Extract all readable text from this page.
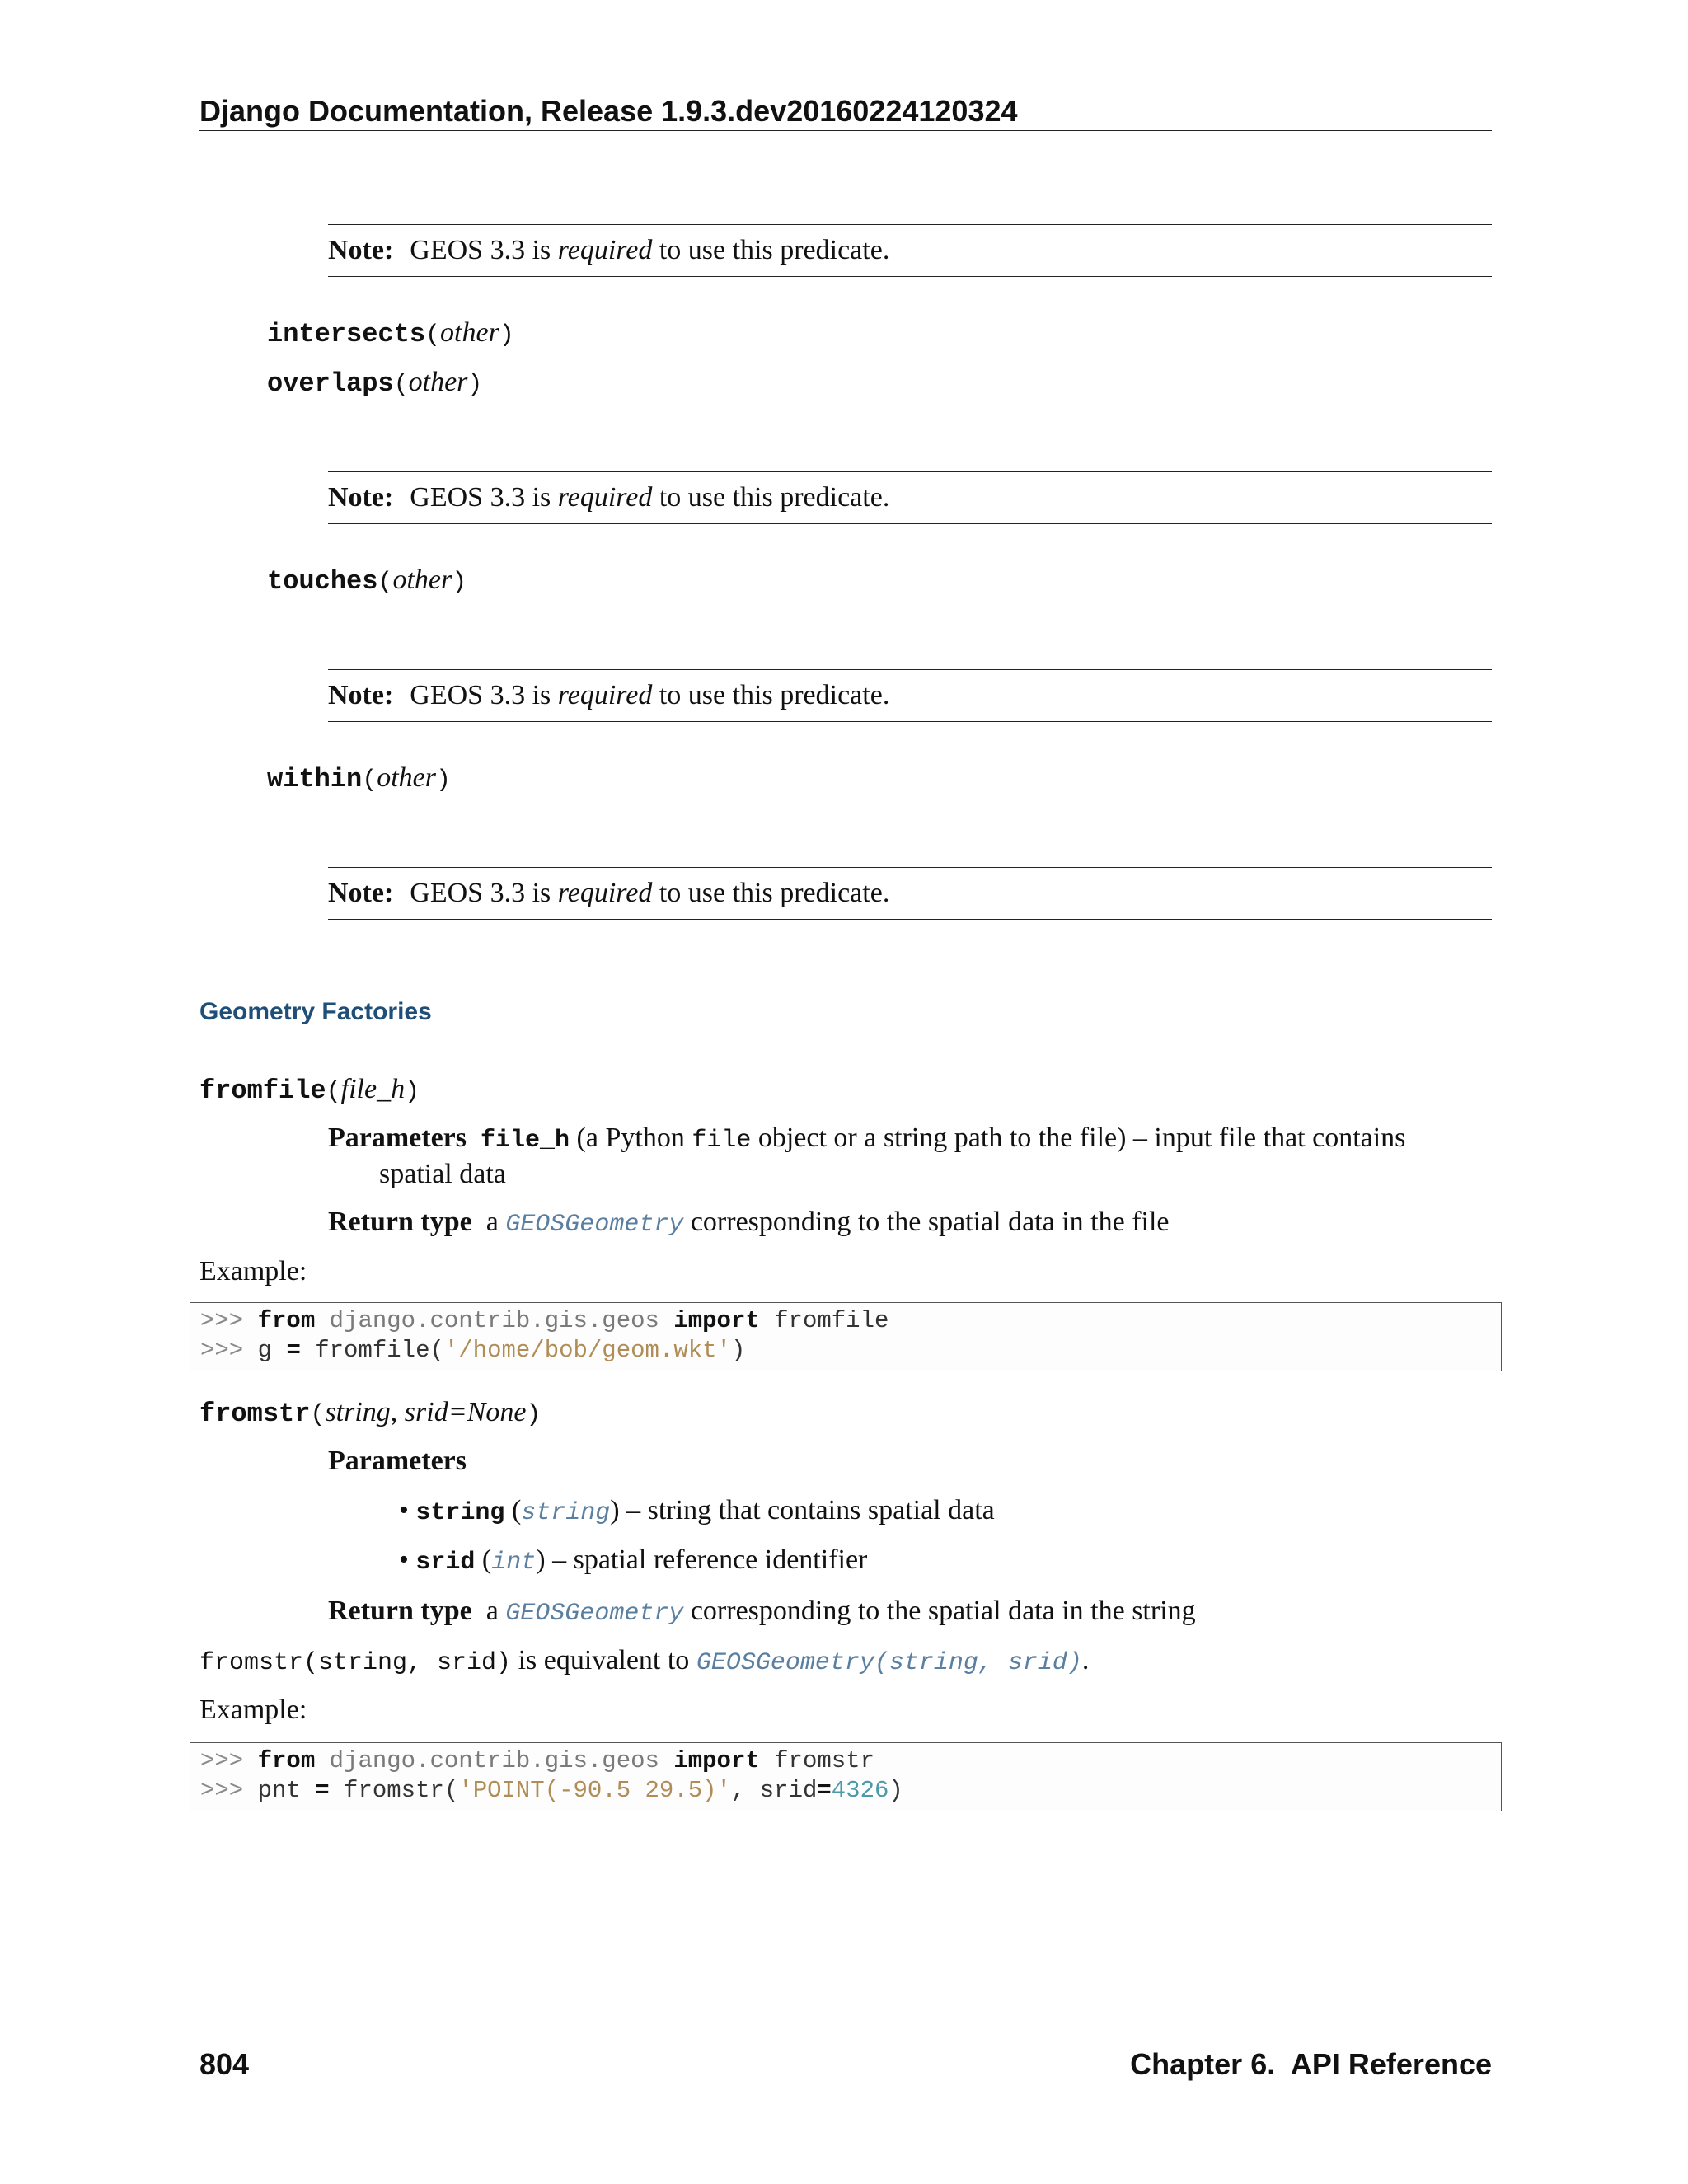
Django Documentation, Release 1.9.3.dev20160224120324
Note: GEOS 3.3 is required to use this predicate.
intersects(other)
overlaps(other)
Note: GEOS 3.3 is required to use this predicate.
touches(other)
Note: GEOS 3.3 is required to use this predicate.
within(other)
Note: GEOS 3.3 is required to use this predicate.
Geometry Factories
fromfile(file_h)
Parameters file_h (a Python file object or a string path to the file) – input file that contains
spatial data
Return type a GEOSGeometry corresponding to the spatial data in the file
Example:
>>> from django.contrib.gis.geos import fromfile
>>> g = fromfile('/home/bob/geom.wkt')
fromstr(string, srid=None)
Parameters
• string (string) – string that contains spatial data
• srid (int) – spatial reference identifier
Return type a GEOSGeometry corresponding to the spatial data in the string
fromstr(string, srid) is equivalent to GEOSGeometry(string, srid).
Example:
>>> from django.contrib.gis.geos import fromstr
>>> pnt = fromstr('POINT(-90.5 29.5)', srid=4326)
804	Chapter 6.  API Reference
